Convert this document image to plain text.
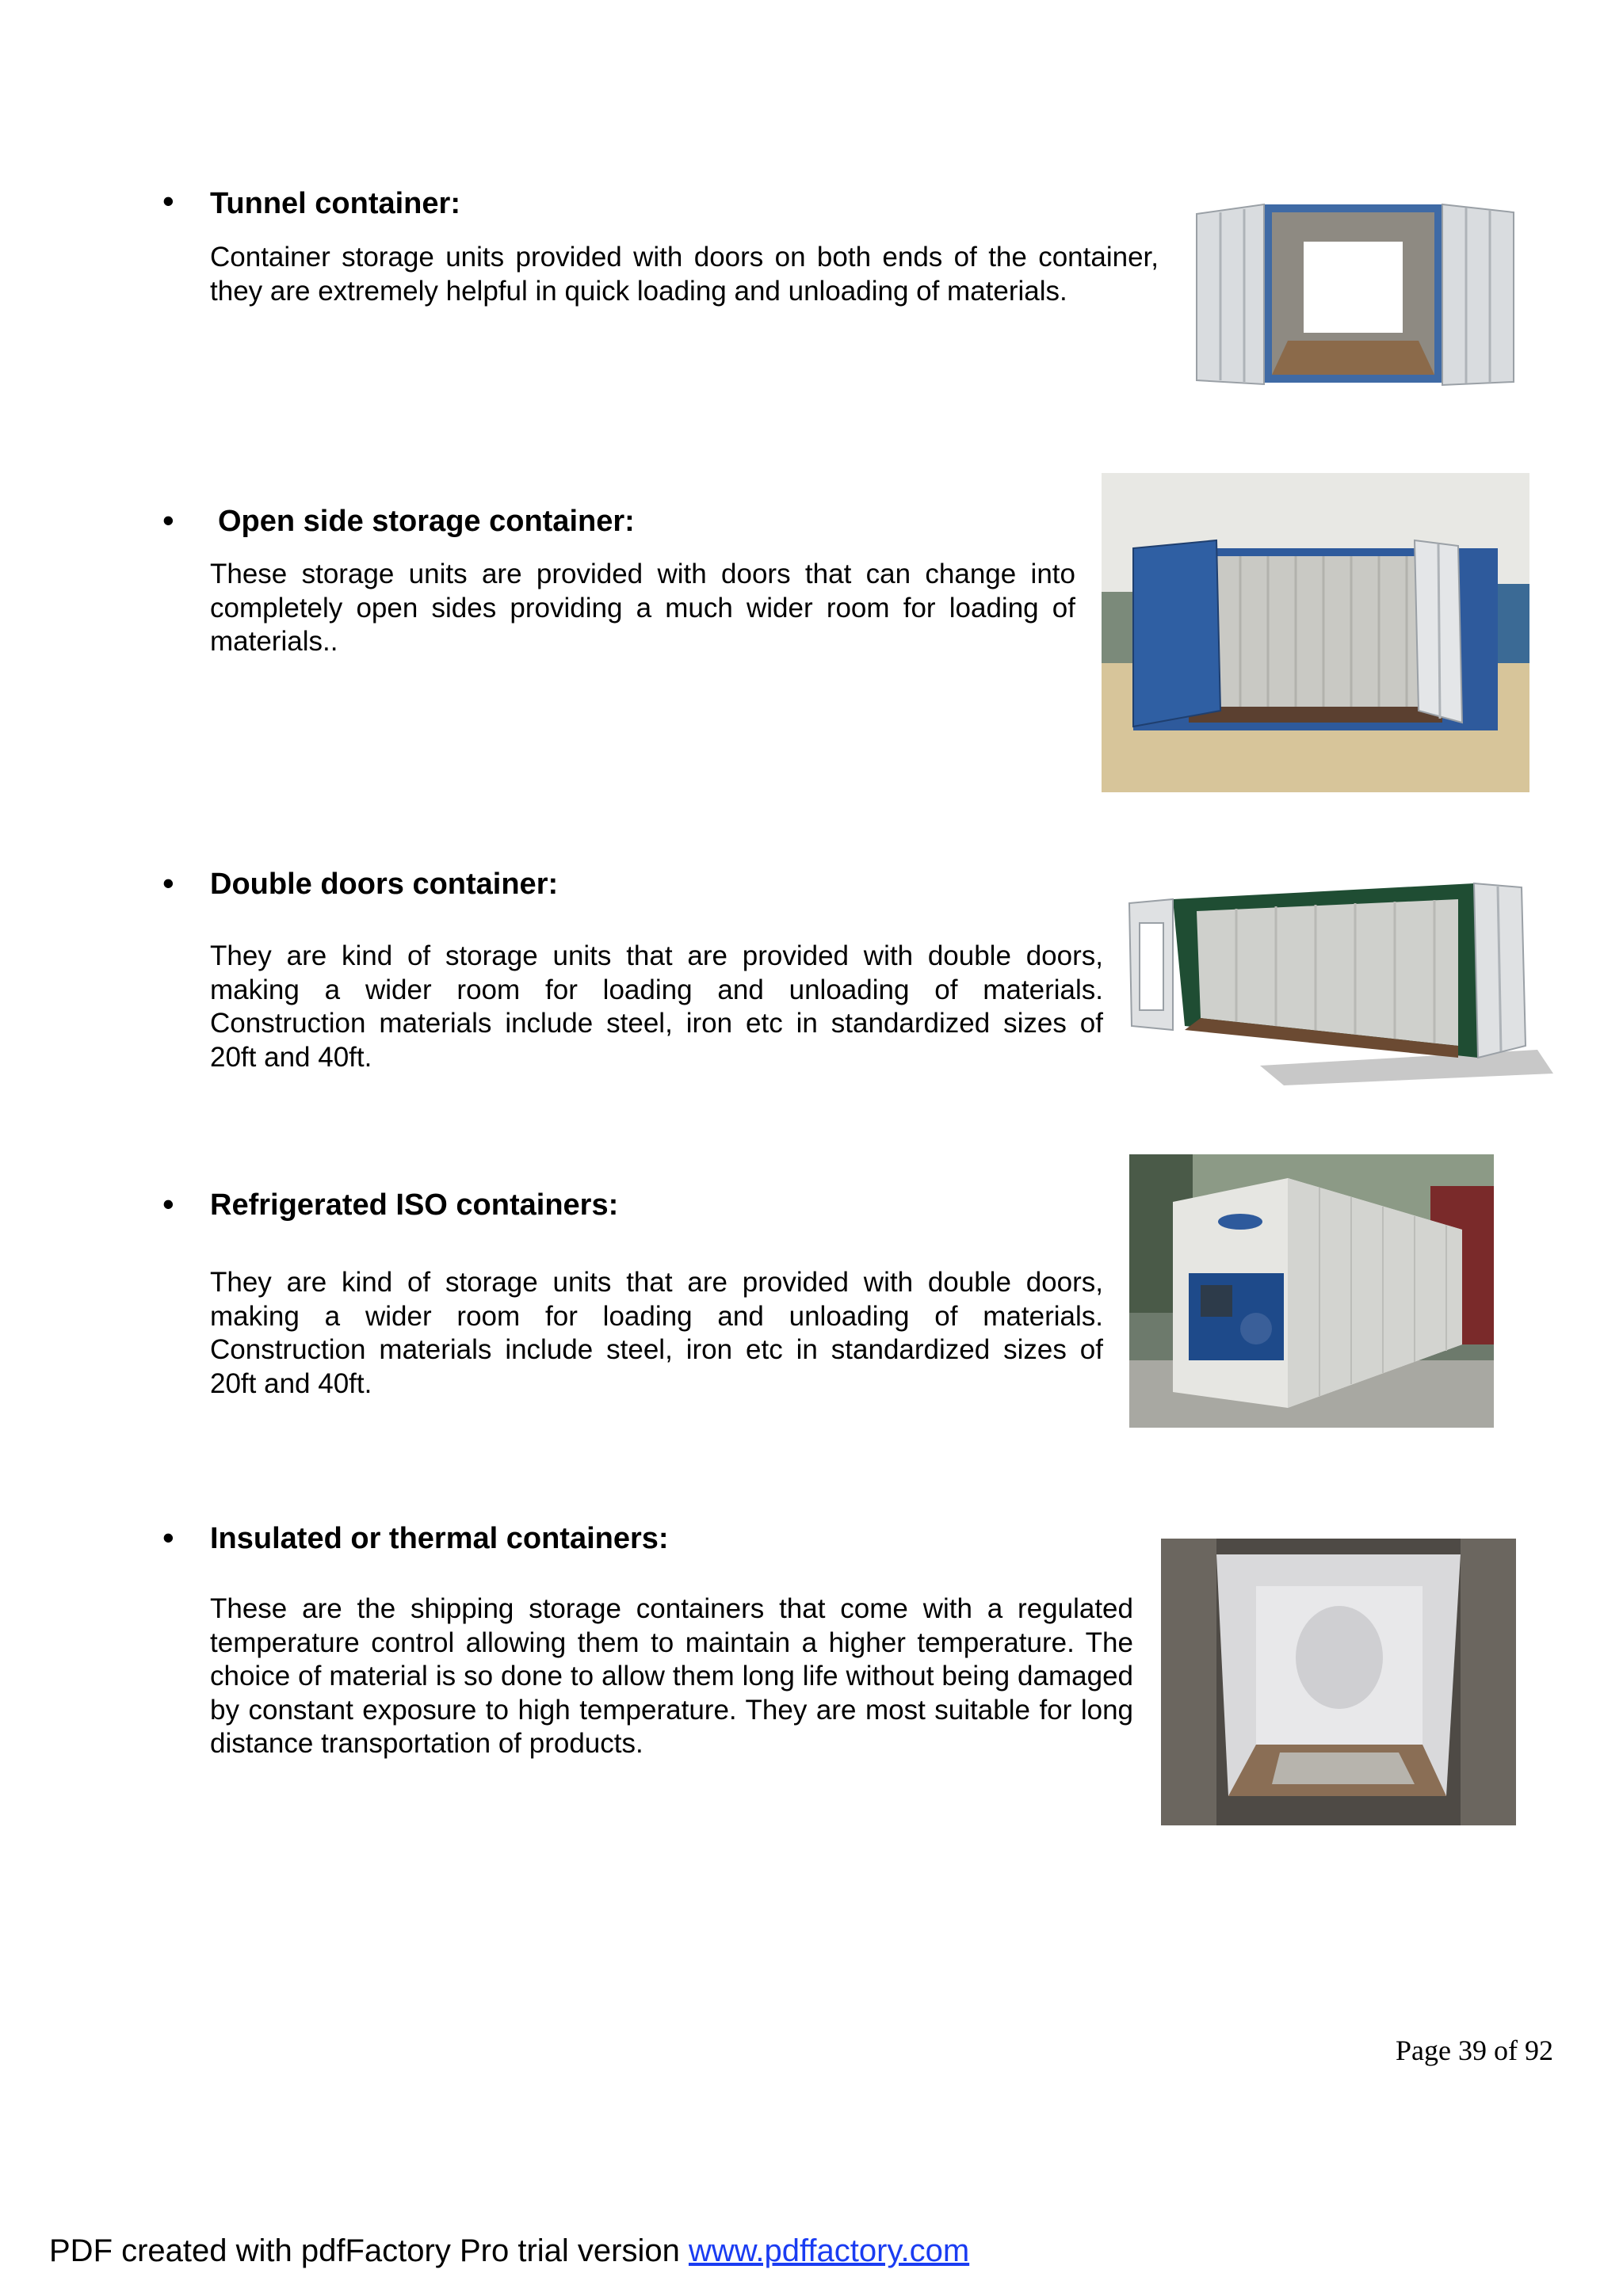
• Tunnel container:
Container storage units provided with doors on both ends of the container, they are extremely helpful in quick loading and unloading of materials.
• Open side storage container:
These storage units are provided with doors that can change into completely open sides providing a much wider room for loading of materials..
• Double doors container:
They are kind of storage units that are provided with double doors, making a wider room for loading and unloading of materials. Construction materials include steel, iron etc in standardized sizes of 20ft and 40ft.
• Refrigerated ISO containers:
They are kind of storage units that are provided with double doors, making a wider room for loading and unloading of materials. Construction materials include steel, iron etc in standardized sizes of 20ft and 40ft.
• Insulated or thermal containers:
These are the shipping storage containers that come with a regulated temperature control allowing them to maintain a higher temperature. The choice of material is so done to allow them long life without being damaged by constant exposure to high temperature. They are most suitable for long distance transportation of products.
Page 39 of 92
PDF created with pdfFactory Pro trial version www.pdffactory.com
